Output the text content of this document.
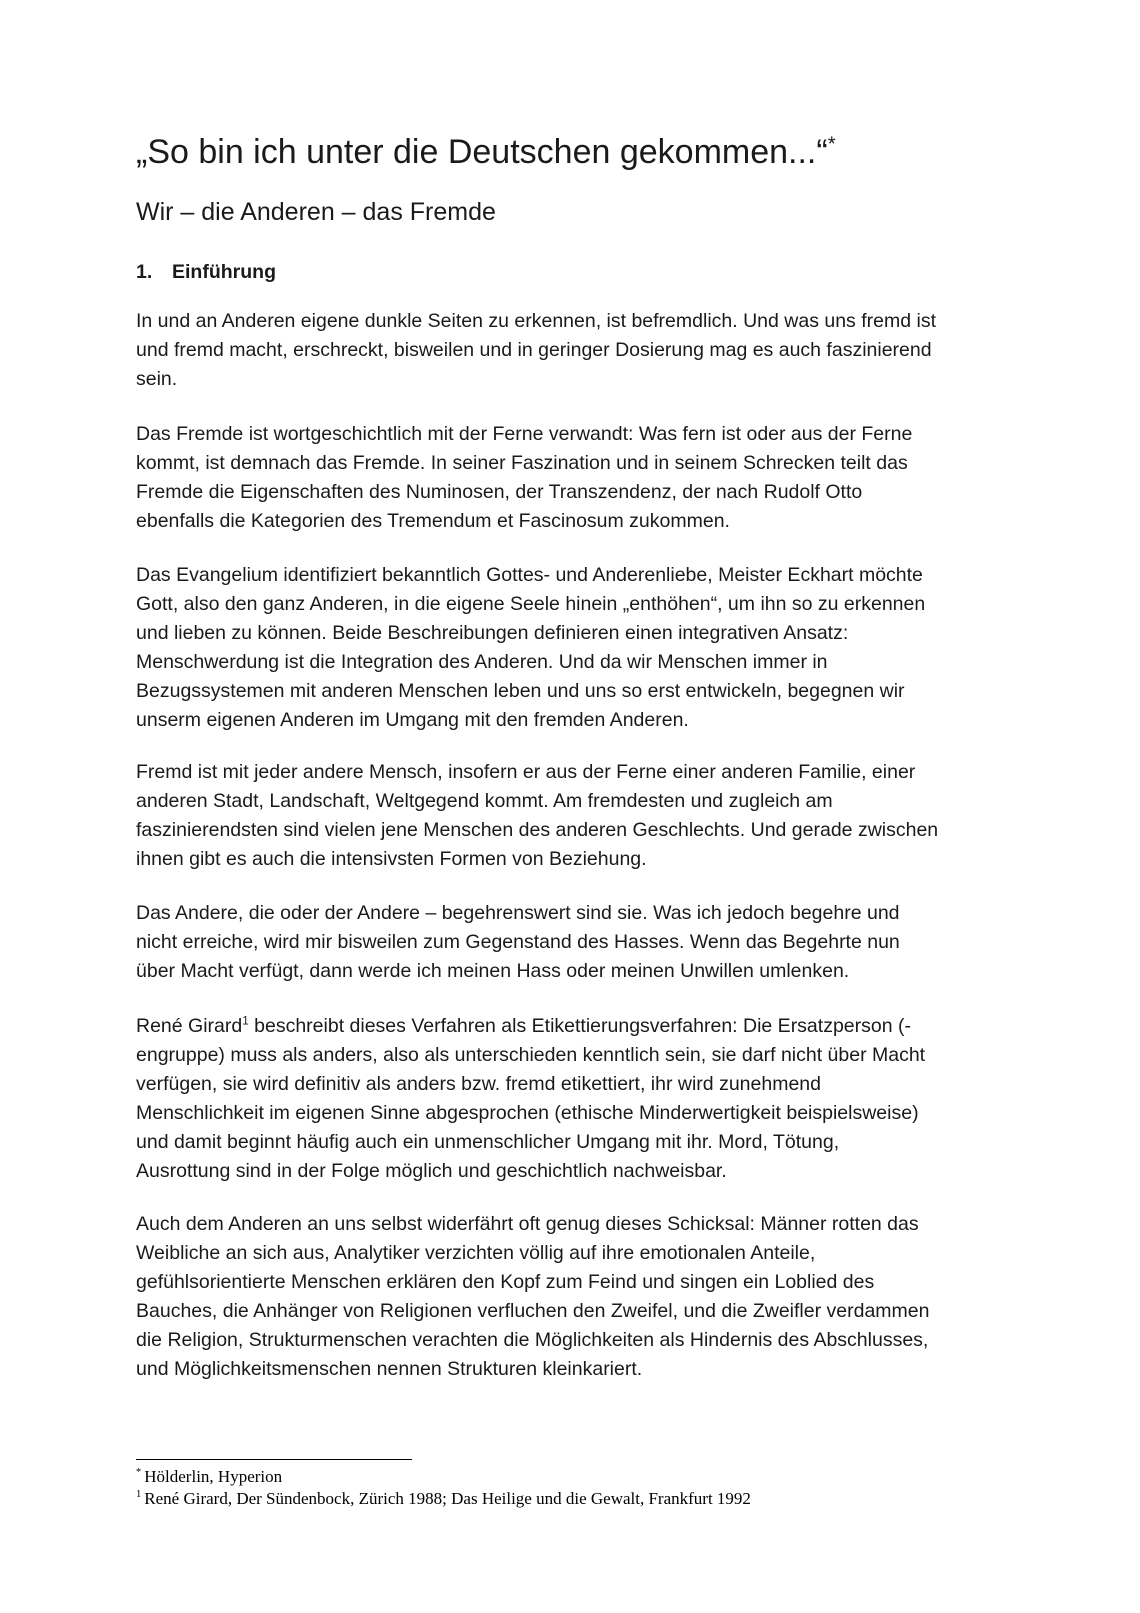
„So bin ich unter die Deutschen gekommen...“*
Wir – die Anderen – das Fremde
1. Einführung

In und an Anderen eigene dunkle Seiten zu erkennen, ist befremdlich. Und was uns fremd ist
und fremd macht, erschreckt, bisweilen und in geringer Dosierung mag es auch faszinierend
sein.

Das Fremde ist wortgeschichtlich mit der Ferne verwandt: Was fern ist oder aus der Ferne
kommt, ist demnach das Fremde. In seiner Faszination und in seinem Schrecken teilt das
Fremde die Eigenschaften des Numinosen, der Transzendenz, der nach Rudolf Otto
ebenfalls die Kategorien des Tremendum et Fascinosum zukommen.

Das Evangelium identifiziert bekanntlich Gottes- und Anderenliebe, Meister Eckhart möchte
Gott, also den ganz Anderen, in die eigene Seele hinein „enthöhen“, um ihn so zu erkennen
und lieben zu können. Beide Beschreibungen definieren einen integrativen Ansatz:
Menschwerdung ist die Integration des Anderen. Und da wir Menschen immer in
Bezugssystemen mit anderen Menschen leben und uns so erst entwickeln, begegnen wir
unserm eigenen Anderen im Umgang mit den fremden Anderen.

Fremd ist mit jeder andere Mensch, insofern er aus der Ferne einer anderen Familie, einer
anderen Stadt, Landschaft, Weltgegend kommt. Am fremdesten und zugleich am
faszinierendsten sind vielen jene Menschen des anderen Geschlechts. Und gerade zwischen
ihnen gibt es auch die intensivsten Formen von Beziehung.

Das Andere, die oder der Andere – begehrenswert sind sie. Was ich jedoch begehre und
nicht erreiche, wird mir bisweilen zum Gegenstand des Hasses. Wenn das Begehrte nun
über Macht verfügt, dann werde ich meinen Hass oder meinen Unwillen umlenken.

René Girard$^1$ beschreibt dieses Verfahren als Etikettierungsverfahren: Die Ersatzperson (-
engruppe) muss als anders, also als unterschieden kenntlich sein, sie darf nicht über Macht
verfügen, sie wird definitiv als anders bzw. fremd etikettiert, ihr wird zunehmend
Menschlichkeit im eigenen Sinne abgesprochen (ethische Minderwertigkeit beispielsweise)
und damit beginnt häufig auch ein unmenschlicher Umgang mit ihr. Mord, Tötung,
Ausrottung sind in der Folge möglich und geschichtlich nachweisbar.

Auch dem Anderen an uns selbst widerfährt oft genug dieses Schicksal: Männer rotten das
Weibliche an sich aus, Analytiker verzichten völlig auf ihre emotionalen Anteile,
gefühlsorientierte Menschen erklären den Kopf zum Feind und singen ein Loblied des
Bauches, die Anhänger von Religionen verfluchen den Zweifel, und die Zweifler verdammen
die Religion, Strukturmenschen verachten die Möglichkeiten als Hindernis des Abschlusses,
und Möglichkeitsmenschen nennen Strukturen kleinkariert.

* Hölderlin, Hyperion

$^1$ René Girard, Der Sündenbock, Zürich 1988; Das Heilige und die Gewalt, Frankfurt 1992
